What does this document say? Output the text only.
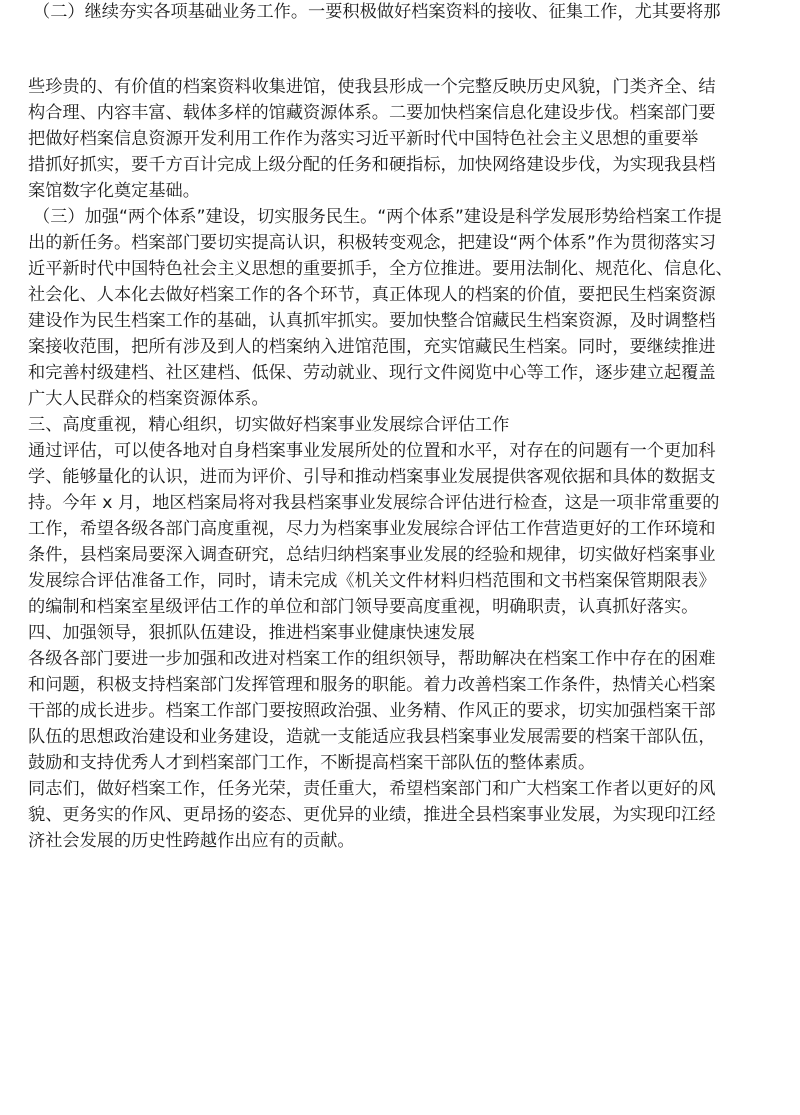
（二）继续夯实各项基础业务工作。一要积极做好档案资料的接收、征集工作，尤其要将那
些珍贵的、有价值的档案资料收集进馆，使我县形成一个完整反映历史风貌，门类齐全、结
构合理、内容丰富、载体多样的馆藏资源体系。二要加快档案信息化建设步伐。档案部门要
把做好档案信息资源开发利用工作作为落实习近平新时代中国特色社会主义思想的重要举
措抓好抓实，要千方百计完成上级分配的任务和硬指标，加快网络建设步伐，为实现我县档
案馆数字化奠定基础。
（三）加强“两个体系”建设，切实服务民生。“两个体系”建设是科学发展形势给档案工作提
出的新任务。档案部门要切实提高认识，积极转变观念，把建设“两个体系”作为贯彻落实习
近平新时代中国特色社会主义思想的重要抓手，全方位推进。要用法制化、规范化、信息化、
社会化、人本化去做好档案工作的各个环节，真正体现人的档案的价值，要把民生档案资源
建设作为民生档案工作的基础，认真抓牢抓实。要加快整合馆藏民生档案资源，及时调整档
案接收范围，把所有涉及到人的档案纳入进馆范围，充实馆藏民生档案。同时，要继续推进
和完善村级建档、社区建档、低保、劳动就业、现行文件阅览中心等工作，逐步建立起覆盖
广大人民群众的档案资源体系。
三、高度重视，精心组织，切实做好档案事业发展综合评估工作
通过评估，可以使各地对自身档案事业发展所处的位置和水平，对存在的问题有一个更加科
学、能够量化的认识，进而为评价、引导和推动档案事业发展提供客观依据和具体的数据支
持。今年 x 月，地区档案局将对我县档案事业发展综合评估进行检查，这是一项非常重要的
工作，希望各级各部门高度重视，尽力为档案事业发展综合评估工作营造更好的工作环境和
条件，县档案局要深入调查研究，总结归纳档案事业发展的经验和规律，切实做好档案事业
发展综合评估准备工作，同时，请未完成《机关文件材料归档范围和文书档案保管期限表》
的编制和档案室星级评估工作的单位和部门领导要高度重视，明确职责，认真抓好落实。
四、加强领导，狠抓队伍建设，推进档案事业健康快速发展
各级各部门要进一步加强和改进对档案工作的组织领导，帮助解决在档案工作中存在的困难
和问题，积极支持档案部门发挥管理和服务的职能。着力改善档案工作条件，热情关心档案
干部的成长进步。档案工作部门要按照政治强、业务精、作风正的要求，切实加强档案干部
队伍的思想政治建设和业务建设，造就一支能适应我县档案事业发展需要的档案干部队伍，
鼓励和支持优秀人才到档案部门工作，不断提高档案干部队伍的整体素质。
同志们，做好档案工作，任务光荣，责任重大，希望档案部门和广大档案工作者以更好的风
貌、更务实的作风、更昂扬的姿态、更优异的业绩，推进全县档案事业发展，为实现印江经
济社会发展的历史性跨越作出应有的贡献。
